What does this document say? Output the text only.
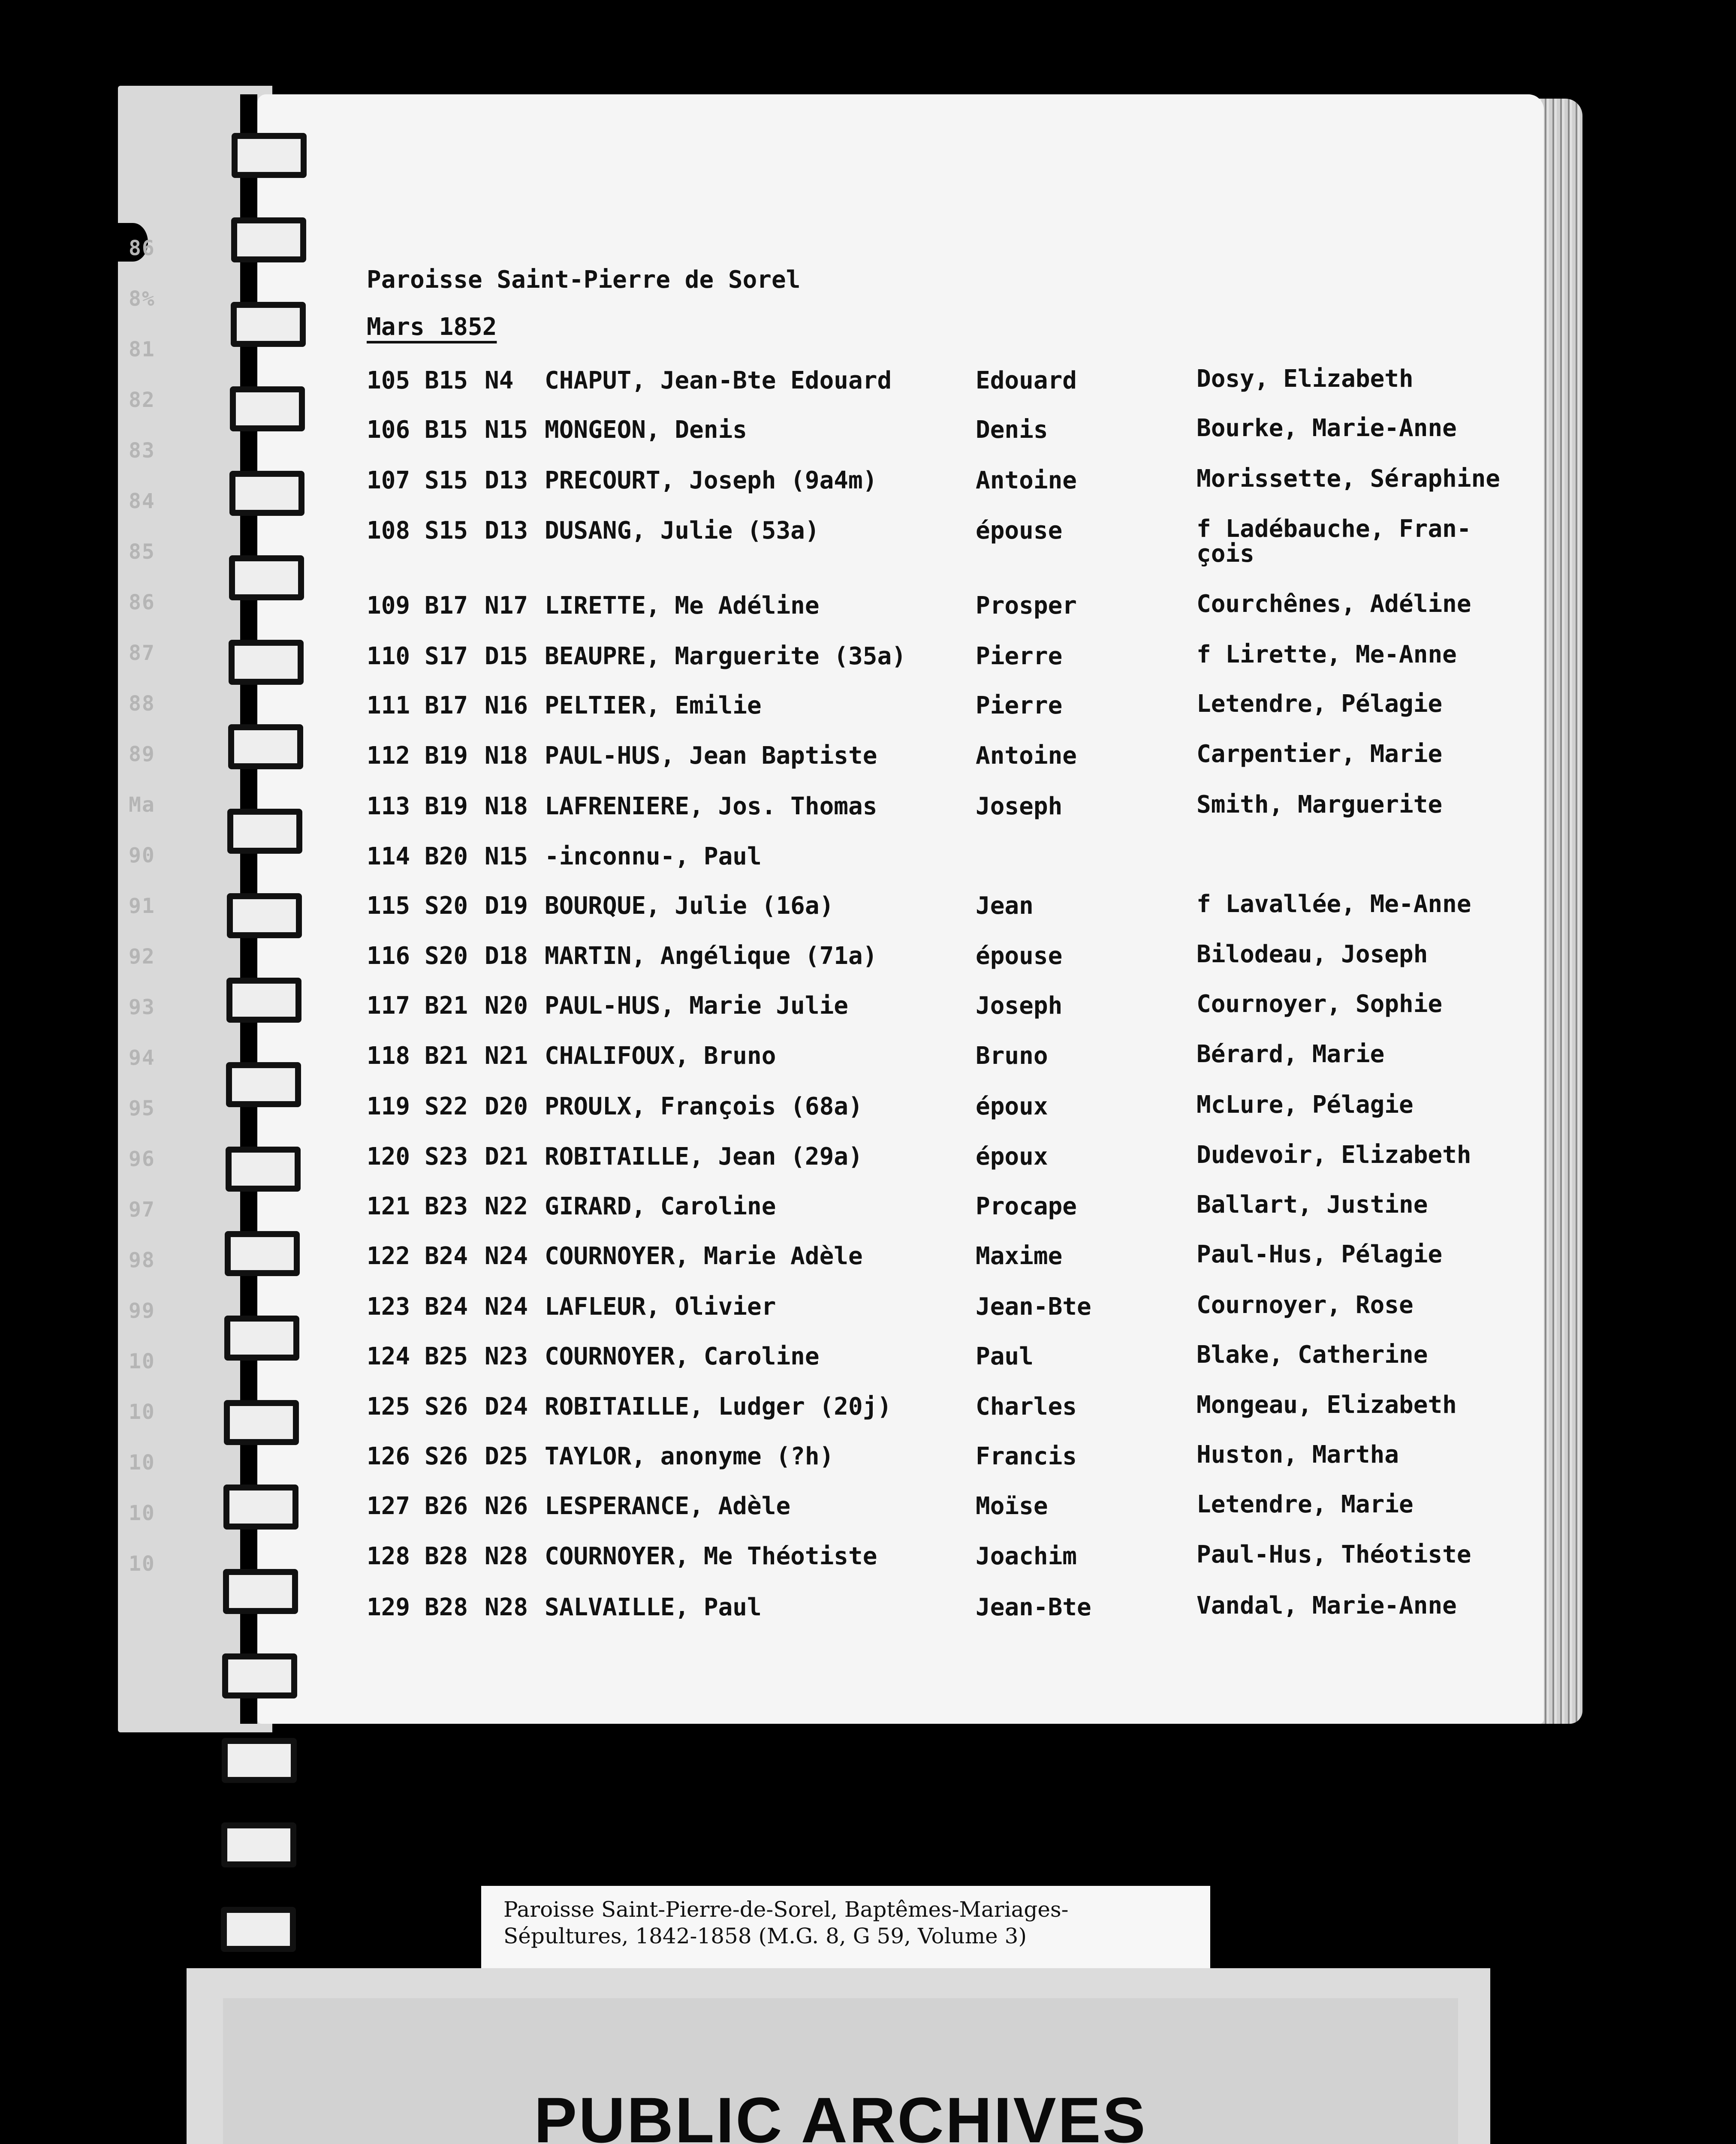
86
8%
81
82
83
84
85
86
87
88
89
Ma
90
91
92
93
94
95
96
97
98
99
10
10
10
10
10
Paroisse Saint-Pierre de Sorel
Mars 1852
105 B15 N4 CHAPUT, Jean-Bte Edouard	Edouard	Dosy, Elizabeth
106 B15 N15 MONGEON, Denis	Denis	Bourke, Marie-Anne
107 S15 D13 PRECOURT, Joseph (9a4m)	Antoine	Morissette, Séraphine
108 S15 D13 DUSANG, Julie (53a)	épouse	f Ladébauche, Fran-
çois
109 B17 N17 LIRETTE, Me Adéline	Prosper	Courchênes, Adéline
110 S17 D15 BEAUPRE, Marguerite (35a)	Pierre	f Lirette, Me-Anne
111 B17 N16 PELTIER, Emilie	Pierre	Letendre, Pélagie
112 B19 N18 PAUL-HUS, Jean Baptiste	Antoine	Carpentier, Marie
113 B19 N18 LAFRENIERE, Jos. Thomas	Joseph	Smith, Marguerite
114 B20 N15 -inconnu-, Paul
115 S20 D19 BOURQUE, Julie (16a)	Jean	f Lavallée, Me-Anne
116 S20 D18 MARTIN, Angélique (71a)	épouse	Bilodeau, Joseph
117 B21 N20 PAUL-HUS, Marie Julie	Joseph	Cournoyer, Sophie
118 B21 N21 CHALIFOUX, Bruno	Bruno	Bérard, Marie
119 S22 D20 PROULX, François (68a)	époux	McLure, Pélagie
120 S23 D21 ROBITAILLE, Jean (29a)	époux	Dudevoir, Elizabeth
121 B23 N22 GIRARD, Caroline	Procape	Ballart, Justine
122 B24 N24 COURNOYER, Marie Adèle	Maxime	Paul-Hus, Pélagie
123 B24 N24 LAFLEUR, Olivier	Jean-Bte	Cournoyer, Rose
124 B25 N23 COURNOYER, Caroline	Paul	Blake, Catherine
125 S26 D24 ROBITAILLE, Ludger (20j)	Charles	Mongeau, Elizabeth
126 S26 D25 TAYLOR, anonyme (?h)	Francis	Huston, Martha
127 B26 N26 LESPERANCE, Adèle	Moïse	Letendre, Marie
128 B28 N28 COURNOYER, Me Théotiste	Joachim	Paul-Hus, Théotiste
129 B28 N28 SALVAILLE, Paul	Jean-Bte	Vandal, Marie-Anne
Paroisse Saint-Pierre-de-Sorel, Baptêmes-Mariages-
Sépultures, 1842-1858 (M.G. 8, G 59, Volume 3)
PUBLIC ARCHIVES
